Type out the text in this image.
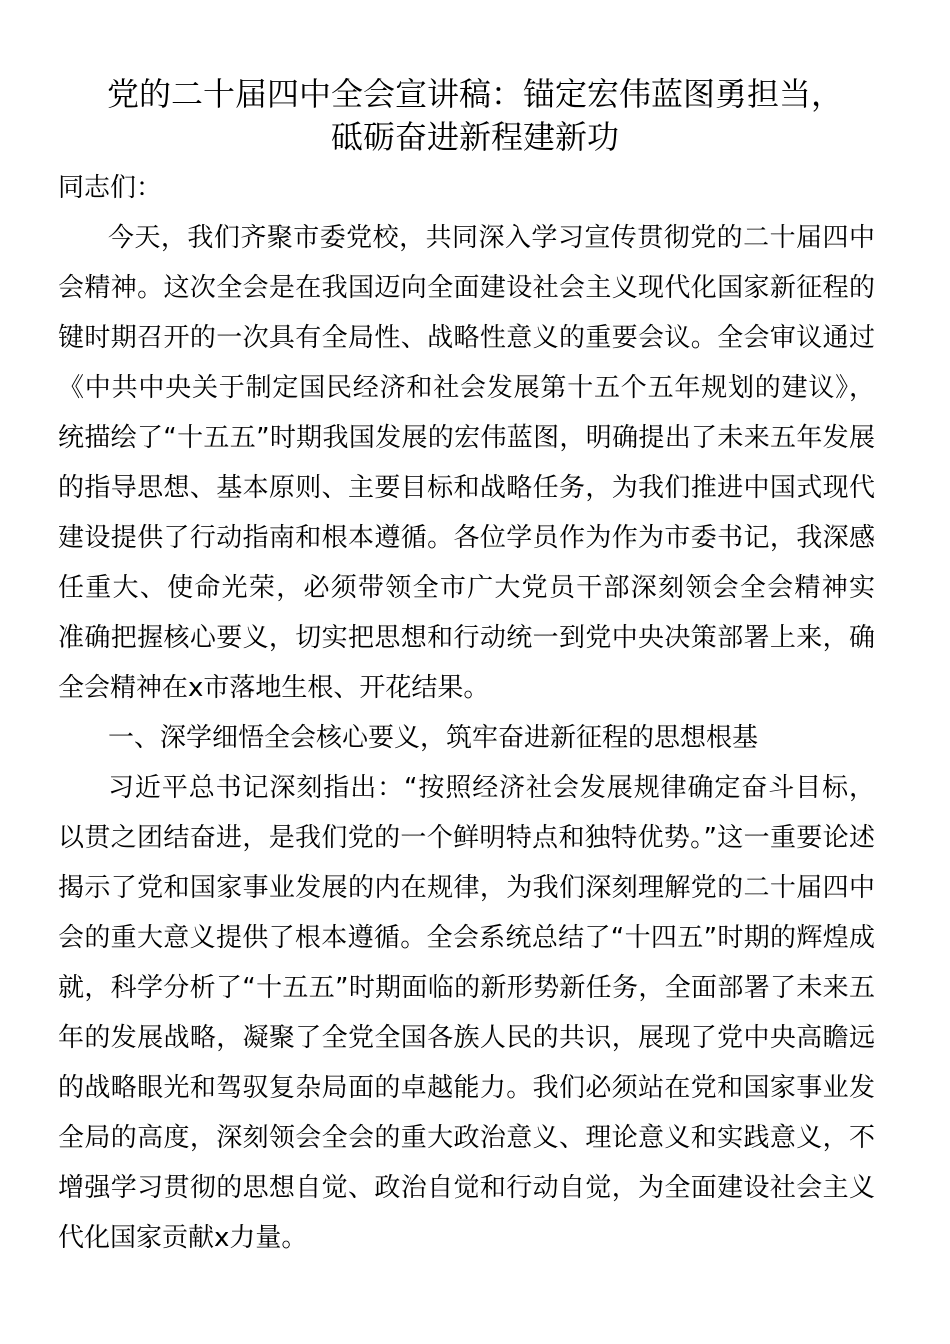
党的二十届四中全会宣讲稿：锚定宏伟蓝图勇担当，
砥砺奋进新程建新功
同志们：
今天，我们齐聚市委党校，共同深入学习宣传贯彻党的二十届四中
会精神。这次全会是在我国迈向全面建设社会主义现代化国家新征程的
键时期召开的一次具有全局性、战略性意义的重要会议。全会审议通过
《中共中央关于制定国民经济和社会发展第十五个五年规划的建议》，
统描绘了“十五五”时期我国发展的宏伟蓝图，明确提出了未来五年发展
的指导思想、基本原则、主要目标和战略任务，为我们推进中国式现代
建设提供了行动指南和根本遵循。各位学员作为作为市委书记，我深感
任重大、使命光荣，必须带领全市广大党员干部深刻领会全会精神实
准确把握核心要义，切实把思想和行动统一到党中央决策部署上来，确
全会精神在x市落地生根、开花结果。
一、深学细悟全会核心要义，筑牢奋进新征程的思想根基
习近平总书记深刻指出：“按照经济社会发展规律确定奋斗目标，
以贯之团结奋进，是我们党的一个鲜明特点和独特优势。”这一重要论述
揭示了党和国家事业发展的内在规律，为我们深刻理解党的二十届四中
会的重大意义提供了根本遵循。全会系统总结了“十四五”时期的辉煌成
就，科学分析了“十五五”时期面临的新形势新任务，全面部署了未来五
年的发展战略，凝聚了全党全国各族人民的共识，展现了党中央高瞻远
的战略眼光和驾驭复杂局面的卓越能力。我们必须站在党和国家事业发
全局的高度，深刻领会全会的重大政治意义、理论意义和实践意义，不
增强学习贯彻的思想自觉、政治自觉和行动自觉，为全面建设社会主义
代化国家贡献x力量。
